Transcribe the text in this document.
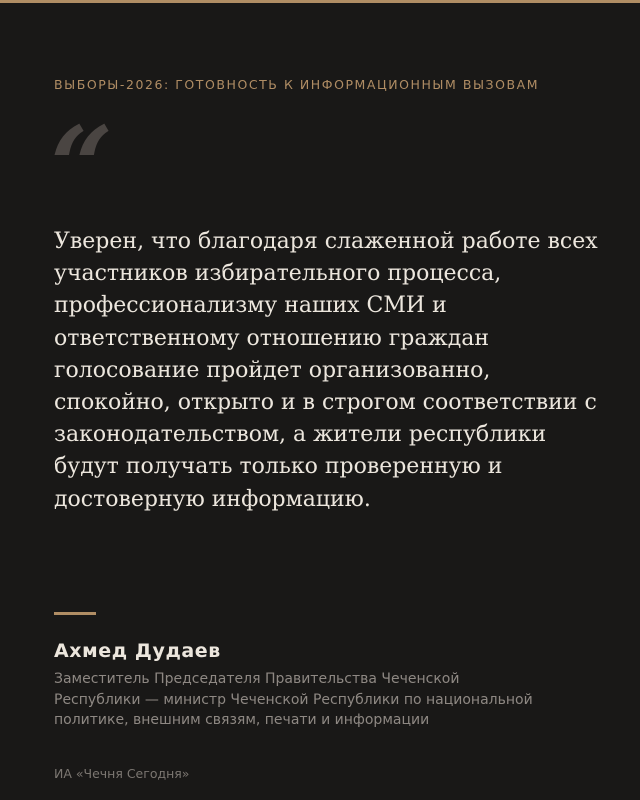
ВЫБОРЫ-2026: ГОТОВНОСТЬ К ИНФОРМАЦИОННЫМ ВЫЗОВАМ
“

Уверен, что благодаря слаженной работе всех участников избирательного процесса, профессионализму наших СМИ и ответственному отношению граждан голосование пройдет организованно, спокойно, открыто и в строгом соответствии с законодательством, а жители республики будут получать только проверенную и достоверную информацию.

Ахмед Дудаев

Заместитель Председателя Правительства Чеченской Республики — министр Чеченской Республики по национальной политике, внешним связям, печати и информации

ИА «Чечня Сегодня»
